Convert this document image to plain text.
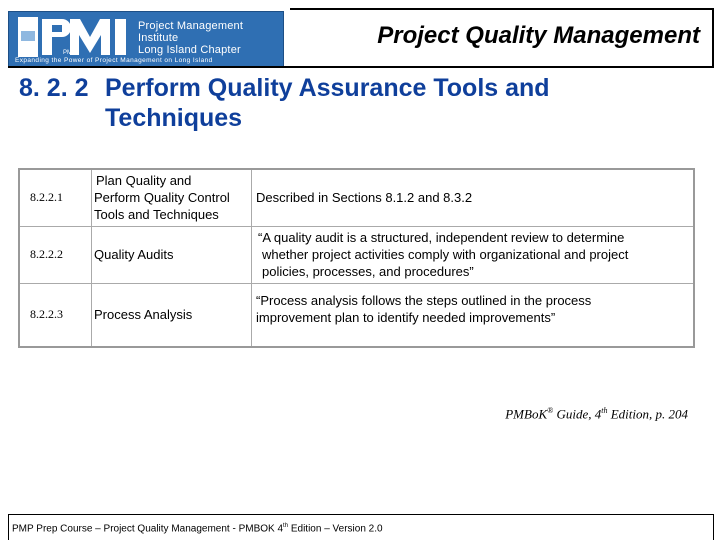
PMI
Project Management Institute
Long Island Chapter
Expanding the Power of Project Management on Long Island
Project Quality Management
8. 2. 2 Perform Quality Assurance Tools and
Techniques
8.2.2.1	Plan Quality and
Perform Quality Control
Tools and Techniques	Described in Sections 8.1.2 and 8.3.2

8.2.2.2	Quality Audits	“A quality audit is a structured, independent review to determine
whether project activities comply with organizational and project
policies, processes, and procedures”

8.2.2.3	Process Analysis	“Process analysis follows the steps outlined in the process
improvement plan to identify needed improvements”
PMBoK® Guide, 4th Edition, p. 204
PMP Prep Course – Project Quality Management - PMBOK 4th Edition – Version 2.0
